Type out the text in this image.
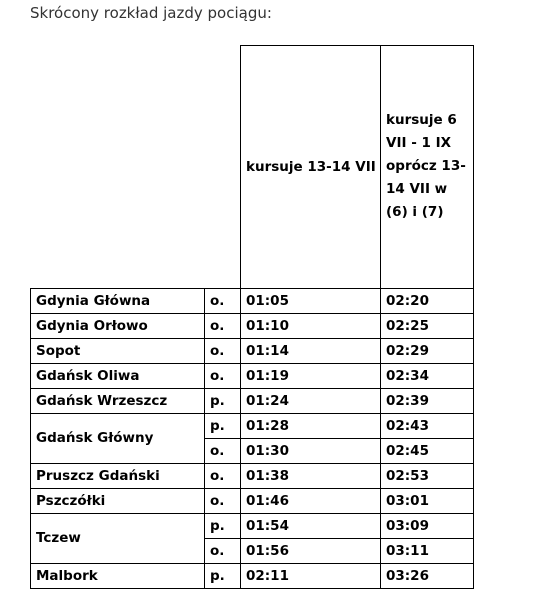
Skrócony rozkład jazdy pociągu:
		kursuje 13-14 VII	kursuje 6 VII - 1 IX oprócz 13-14 VII w (6) i (7)
Gdynia Główna	o.	01:05	02:20
Gdynia Orłowo	o.	01:10	02:25
Sopot	o.	01:14	02:29
Gdańsk Oliwa	o.	01:19	02:34
Gdańsk Wrzeszcz	p.	01:24	02:39
Gdańsk Główny	p.	01:28	02:43
	o.	01:30	02:45
Pruszcz Gdański	o.	01:38	02:53
Pszczółki	o.	01:46	03:01
Tczew	p.	01:54	03:09
	o.	01:56	03:11
Malbork	p.	02:11	03:26
